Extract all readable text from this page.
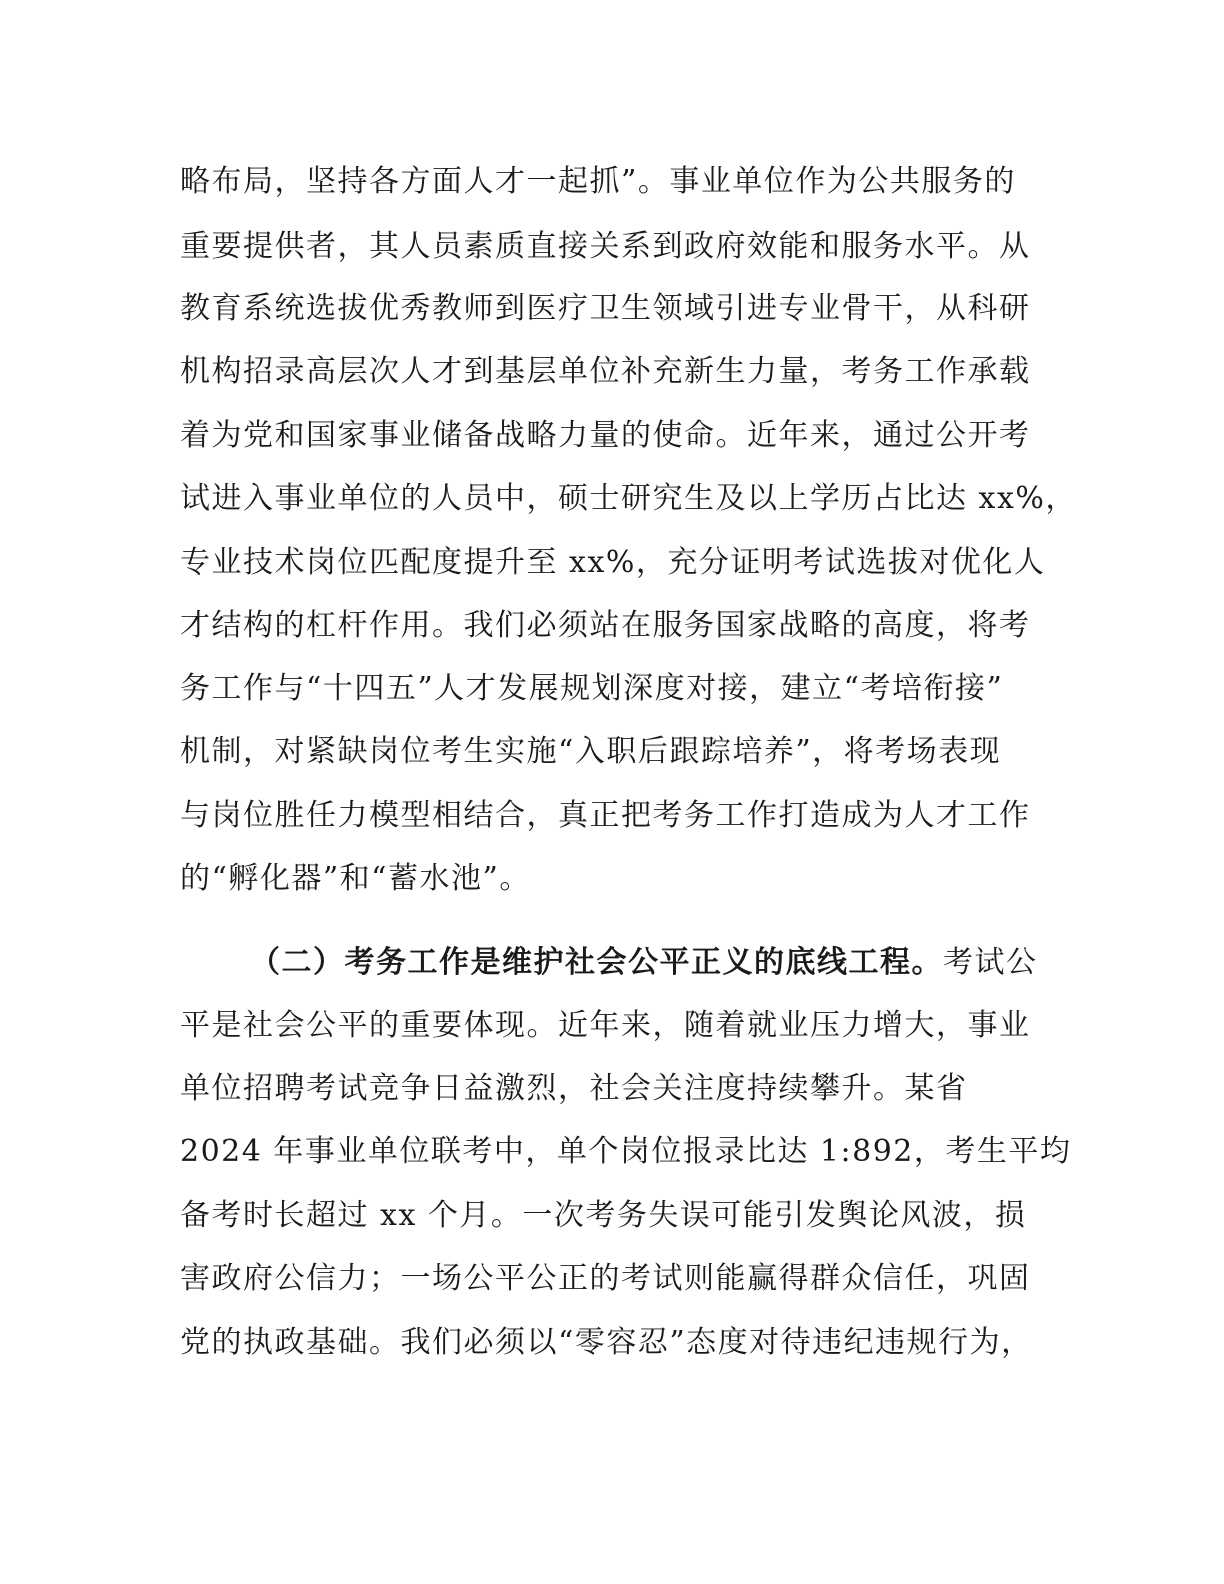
略布局，坚持各方面人才一起抓”。事业单位作为公共服务的
重要提供者，其人员素质直接关系到政府效能和服务水平。从
教育系统选拔优秀教师到医疗卫生领域引进专业骨干，从科研
机构招录高层次人才到基层单位补充新生力量，考务工作承载
着为党和国家事业储备战略力量的使命。近年来，通过公开考
试进入事业单位的人员中，硕士研究生及以上学历占比达 xx%，
专业技术岗位匹配度提升至 xx%，充分证明考试选拔对优化人
才结构的杠杆作用。我们必须站在服务国家战略的高度，将考
务工作与“十四五”人才发展规划深度对接，建立“考培衔接”
机制，对紧缺岗位考生实施“入职后跟踪培养”，将考场表现
与岗位胜任力模型相结合，真正把考务工作打造成为人才工作
的“孵化器”和“蓄水池”。
（二）考务工作是维护社会公平正义的底线工程。考试公
平是社会公平的重要体现。近年来，随着就业压力增大，事业
单位招聘考试竞争日益激烈，社会关注度持续攀升。某省
2024 年事业单位联考中，单个岗位报录比达 1:892，考生平均
备考时长超过 xx 个月。一次考务失误可能引发舆论风波，损
害政府公信力；一场公平公正的考试则能赢得群众信任，巩固
党的执政基础。我们必须以“零容忍”态度对待违纪违规行为，
